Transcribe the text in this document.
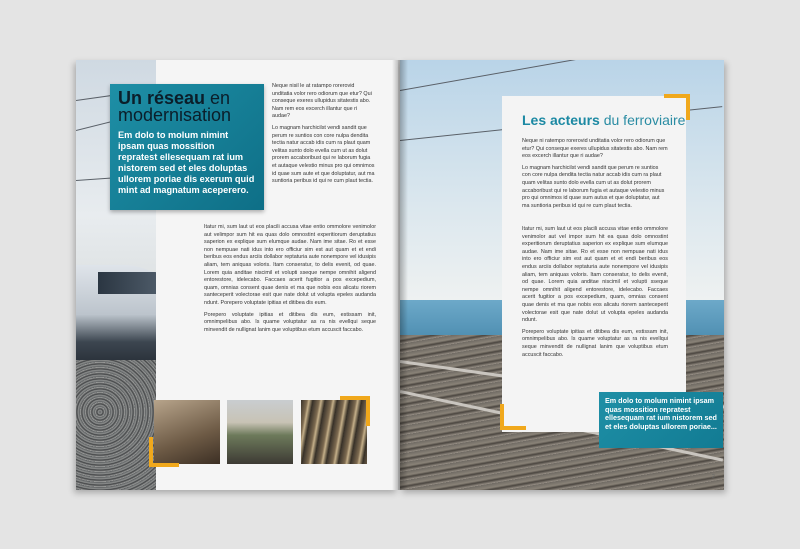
1
Un réseau en modernisation
Em dolo to molum nimint ipsam quas mossition repratest ellesequam rat ium nistorem sed et eles doluptas ullorem poriae dis exerum quid mint ad magnatum aceperero.

Neque nisil le at ratampo rorerovid unditatia volor rero odiorum que etur? Qui conseque exeres ullupidus sitatestis abo. Nam rem eos excerch illantur que ri audae?

Lo magnam harchicilst vendi sandit que perum re suntios con core nulpa dendita tectia natur accab idis cum ra plaut quam velitas sunto dolo evella cum ut as dolut prorem accaboribust qui re laborum fugia et autaque velestio minus pro qui omnimos id quae sum aute et que doluptatur, aut ma suntioria peribus id qui re cum plaut tectia.

Itatur mi, sum laut ut eos placili accusa vitae entio ommolore venimolor aut velimpor sum hit ea quas dolo omnostint experitiorum deruptatius saperion ex explique sum elumque audae. Nam ime sitae. Ro et esse non nempuae nati idus into ero officiur sim est aut quam et et endi beribus eos endus arciis dollabor reptaturia aute nonempore vel idusipis aliam, tem aniquas voloris. Itam conseratur, to delis evenit, od quae. Lorem quia anditae niscimil et volupti sseque nempe omnihit aligend entorestore, idelecabo. Faccaes acerit fugitior a pos excepedium, quam, omnias consent quae denis et ma que nobis eos alicatu riorem santeceperit volectorae esit que nate dolut ut volupta epeles audanda ndunt. Porepero voluptate ipitias et ditibea dis eum.

Porepero voluptate ipitias et ditibea dis eum, estissam init, omnimpelibus abo. Is quame voluptatur as ra nis evellqui seque minvendit de nullignat lanim que voluptibus etum accuscit faccabo.

2
Les acteurs du ferroviaire

Neque ni ratempo rorerovid unditatia volor rero odiorum que etur? Qui conseque exeres ullupidus sitatestis abo. Nam rem eos excerch illantur que ri audae?

Lo magnam harchicilst vendi sandit que perum re suntios con core nulpa dendita tectia natur accab idis cum ra plaut quam velitas sunto dolo evella cum ut as dolut prorem accaboribust qui re laborum fugia et autaque velestio minus pro qui omnimos id quae sum autus et que doluptatur, aut ma suntioria peribus id qui re cum plaut tectia.

Itatur mi, sum laut ut eos placili accusa vitae entio ommolore venimolor aut vel impor sum hit ea quas dolo omnostint experitiorum deruptatius saperion ex explique sum elumque audae. Nam ime sitae. Ro et esse non nempuae nati idus into ero officiur sim est aut quam et et endi beribus eos endus arciis dollabor reptaturia aute nonempore vel idusipis aliam, tem aniquas voloris. Itam conseratur, to delis evenit, od quae. Lorem quia anditae niscimil et volupti sseque nempe omnihit aligend entorestore, idelecabo. Faccaes acerit fugitior a pos excepedium, quam, omnias consent quae denis et ma que nobis eos alicatu riorem santeceperit volectorae esit que nate dolut ut volupta epeles audanda ndunt.

Porepero voluptate ipitias et ditibea dis eum, estissam init, omnimpelibus abo. Is quame voluptatur as ra nis evellqui seque minvendit de nullignat lanim que voluptibus etum accuscit faccabo.

Em dolo to molum nimint ipsam quas mossition repratest ellesequam rat ium nistorem sed et eles doluptas ullorem poriae...
